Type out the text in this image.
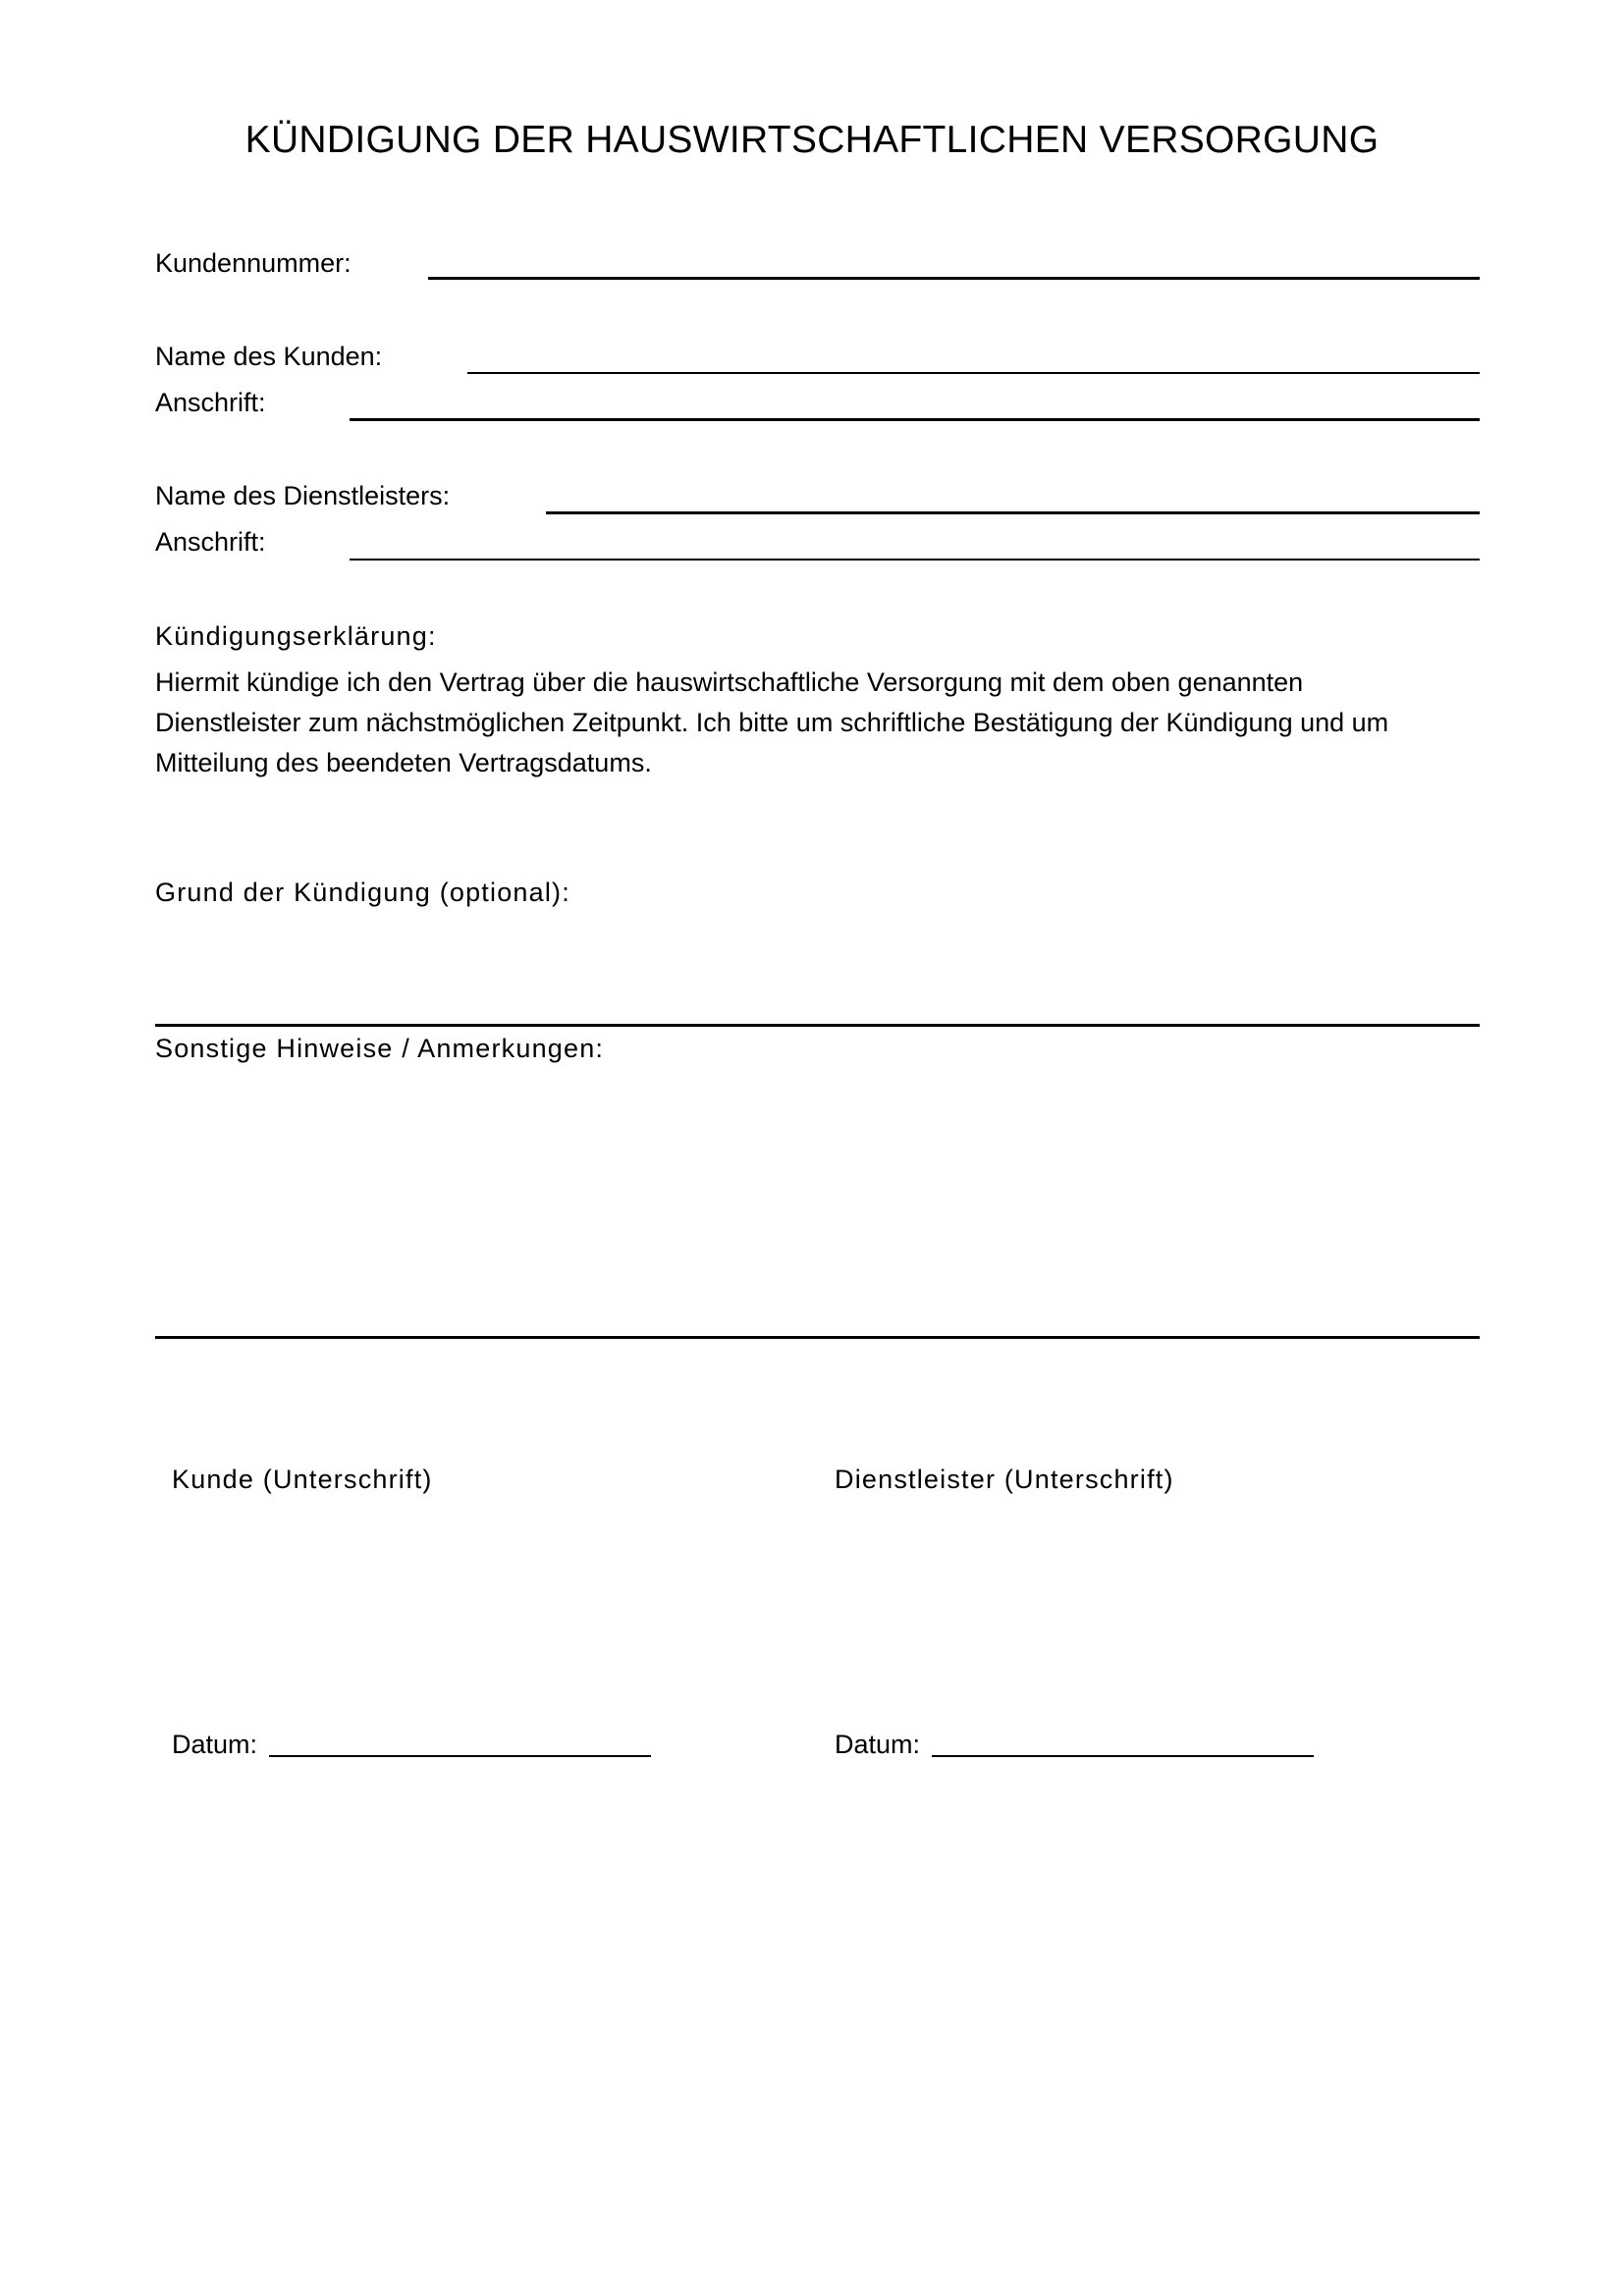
KÜNDIGUNG DER HAUSWIRTSCHAFTLICHEN VERSORGUNG
Kundennummer:
Name des Kunden:
Anschrift:
Name des Dienstleisters:
Anschrift:
Kündigungserklärung:
Hiermit kündige ich den Vertrag über die hauswirtschaftliche Versorgung mit dem oben genannten
Dienstleister zum nächstmöglichen Zeitpunkt. Ich bitte um schriftliche Bestätigung der Kündigung und um
Mitteilung des beendeten Vertragsdatums.
Grund der Kündigung (optional):
Sonstige Hinweise / Anmerkungen:
Kunde (Unterschrift)	Dienstleister (Unterschrift)
Datum:	Datum:
